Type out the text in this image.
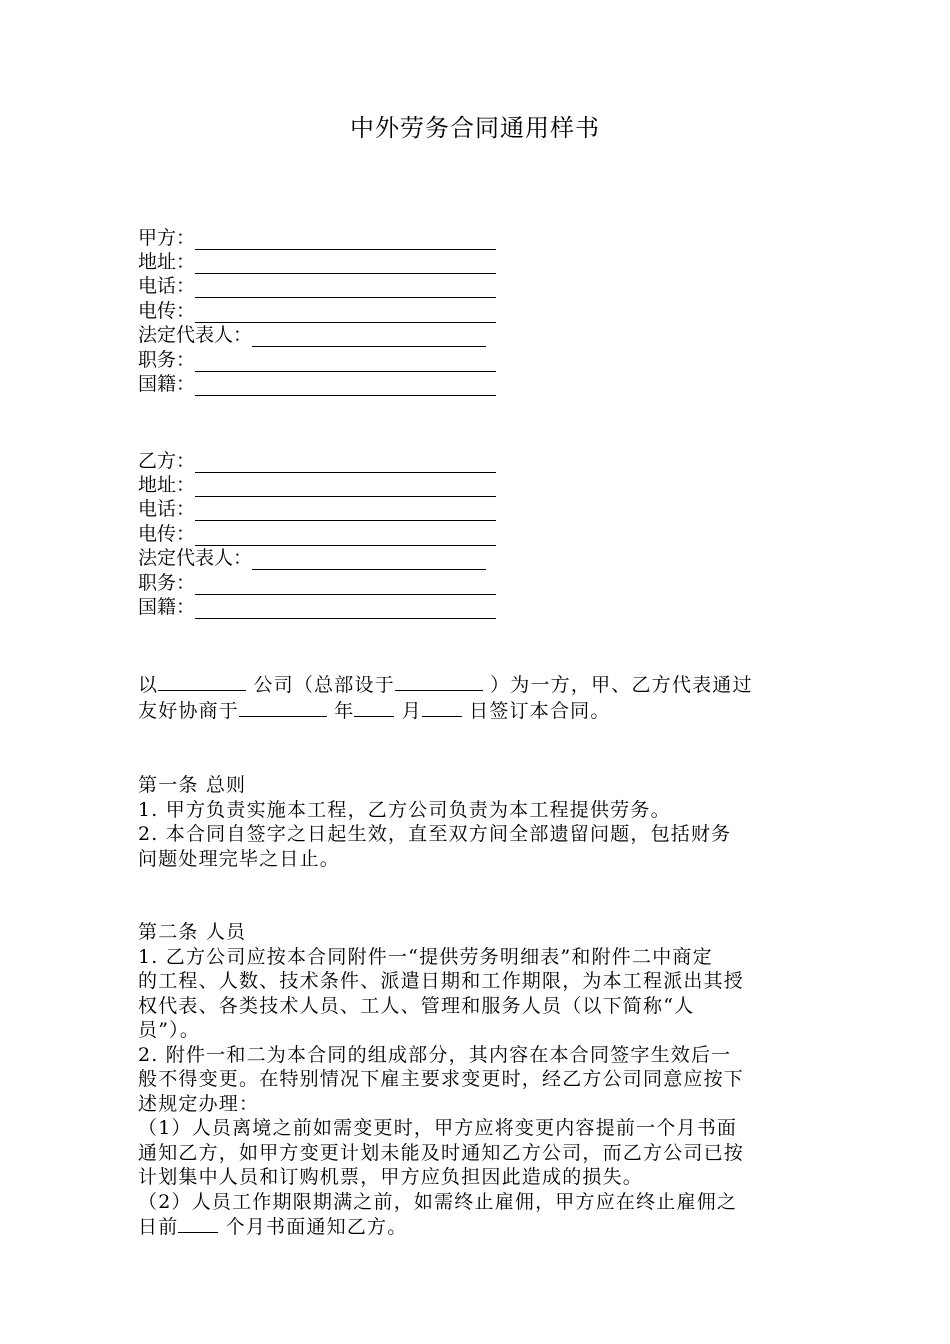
中外劳务合同通用样书
甲方：
地址：
电话：
电传：
法定代表人：
职务：
国籍：
乙方：
地址：
电话：
电传：
法定代表人：
职务：
国籍：
以	公司（总部设于	）为一方，甲、乙方代表通过
友好协商于	年 月 日签订本合同。
第一条 总则
1. 甲方负责实施本工程，乙方公司负责为本工程提供劳务。
2. 本合同自签字之日起生效，直至双方间全部遗留问题，包括财务
问题处理完毕之日止。
第二条 人员
1. 乙方公司应按本合同附件一“提供劳务明细表”和附件二中商定
的工程、人数、技术条件、派遣日期和工作期限，为本工程派出其授
权代表、各类技术人员、工人、管理和服务人员（以下简称“人
员”）。
2. 附件一和二为本合同的组成部分，其内容在本合同签字生效后一
般不得变更。在特别情况下雇主要求变更时，经乙方公司同意应按下
述规定办理：
（1）人员离境之前如需变更时，甲方应将变更内容提前一个月书面
通知乙方，如甲方变更计划未能及时通知乙方公司，而乙方公司已按
计划集中人员和订购机票，甲方应负担因此造成的损失。
（2）人员工作期限期满之前，如需终止雇佣，甲方应在终止雇佣之
日前 个月书面通知乙方。
